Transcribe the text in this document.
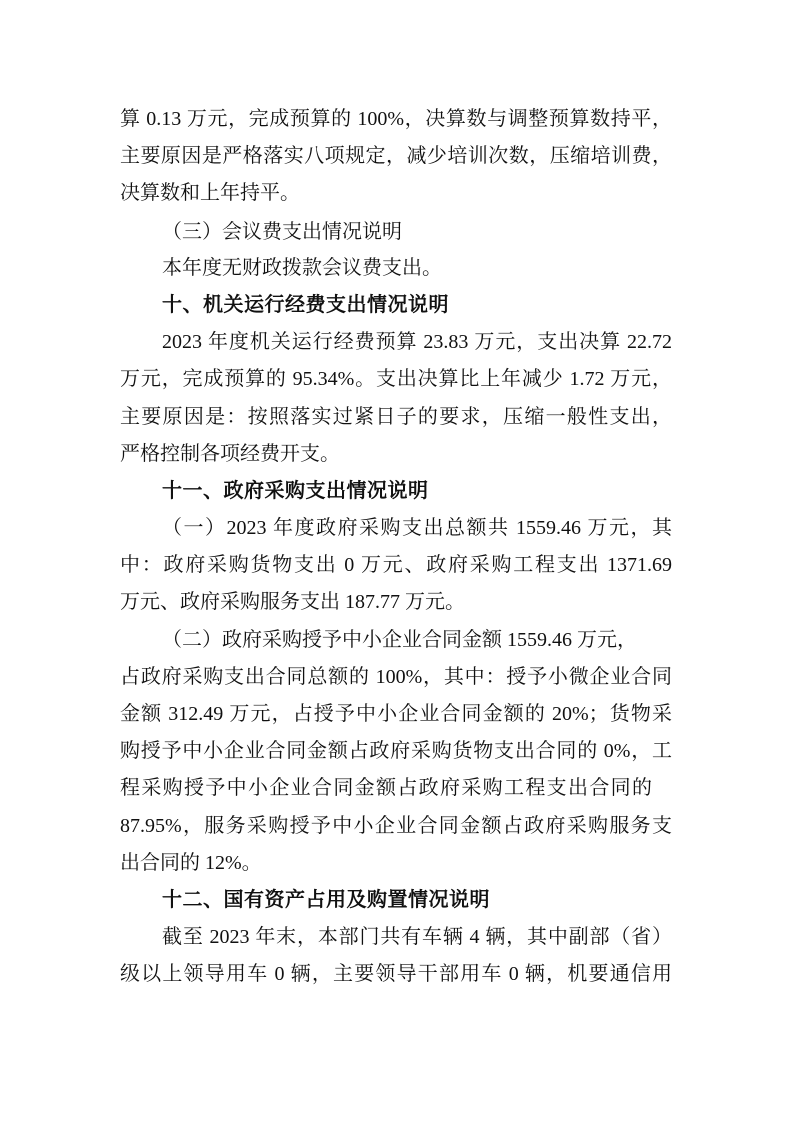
算 0.13 万元，完成预算的 100%，决算数与调整预算数持平，
主要原因是严格落实八项规定，减少培训次数，压缩培训费，
决算数和上年持平。
（三）会议费支出情况说明
本年度无财政拨款会议费支出。
十、机关运行经费支出情况说明
2023 年度机关运行经费预算 23.83 万元，支出决算 22.72
万元，完成预算的 95.34%。支出决算比上年减少 1.72 万元，
主要原因是：按照落实过紧日子的要求，压缩一般性支出，
严格控制各项经费开支。
十一、政府采购支出情况说明
（一）2023 年度政府采购支出总额共 1559.46 万元，其
中：政府采购货物支出 0 万元、政府采购工程支出 1371.69
万元、政府采购服务支出 187.77 万元。
（二）政府采购授予中小企业合同金额 1559.46 万元，
占政府采购支出合同总额的 100%，其中：授予小微企业合同
金额 312.49 万元，占授予中小企业合同金额的 20%；货物采
购授予中小企业合同金额占政府采购货物支出合同的 0%，工
程采购授予中小企业合同金额占政府采购工程支出合同的
87.95%，服务采购授予中小企业合同金额占政府采购服务支
出合同的 12%。
十二、国有资产占用及购置情况说明
截至 2023 年末，本部门共有车辆 4 辆，其中副部（省）
级以上领导用车 0 辆，主要领导干部用车 0 辆，机要通信用
